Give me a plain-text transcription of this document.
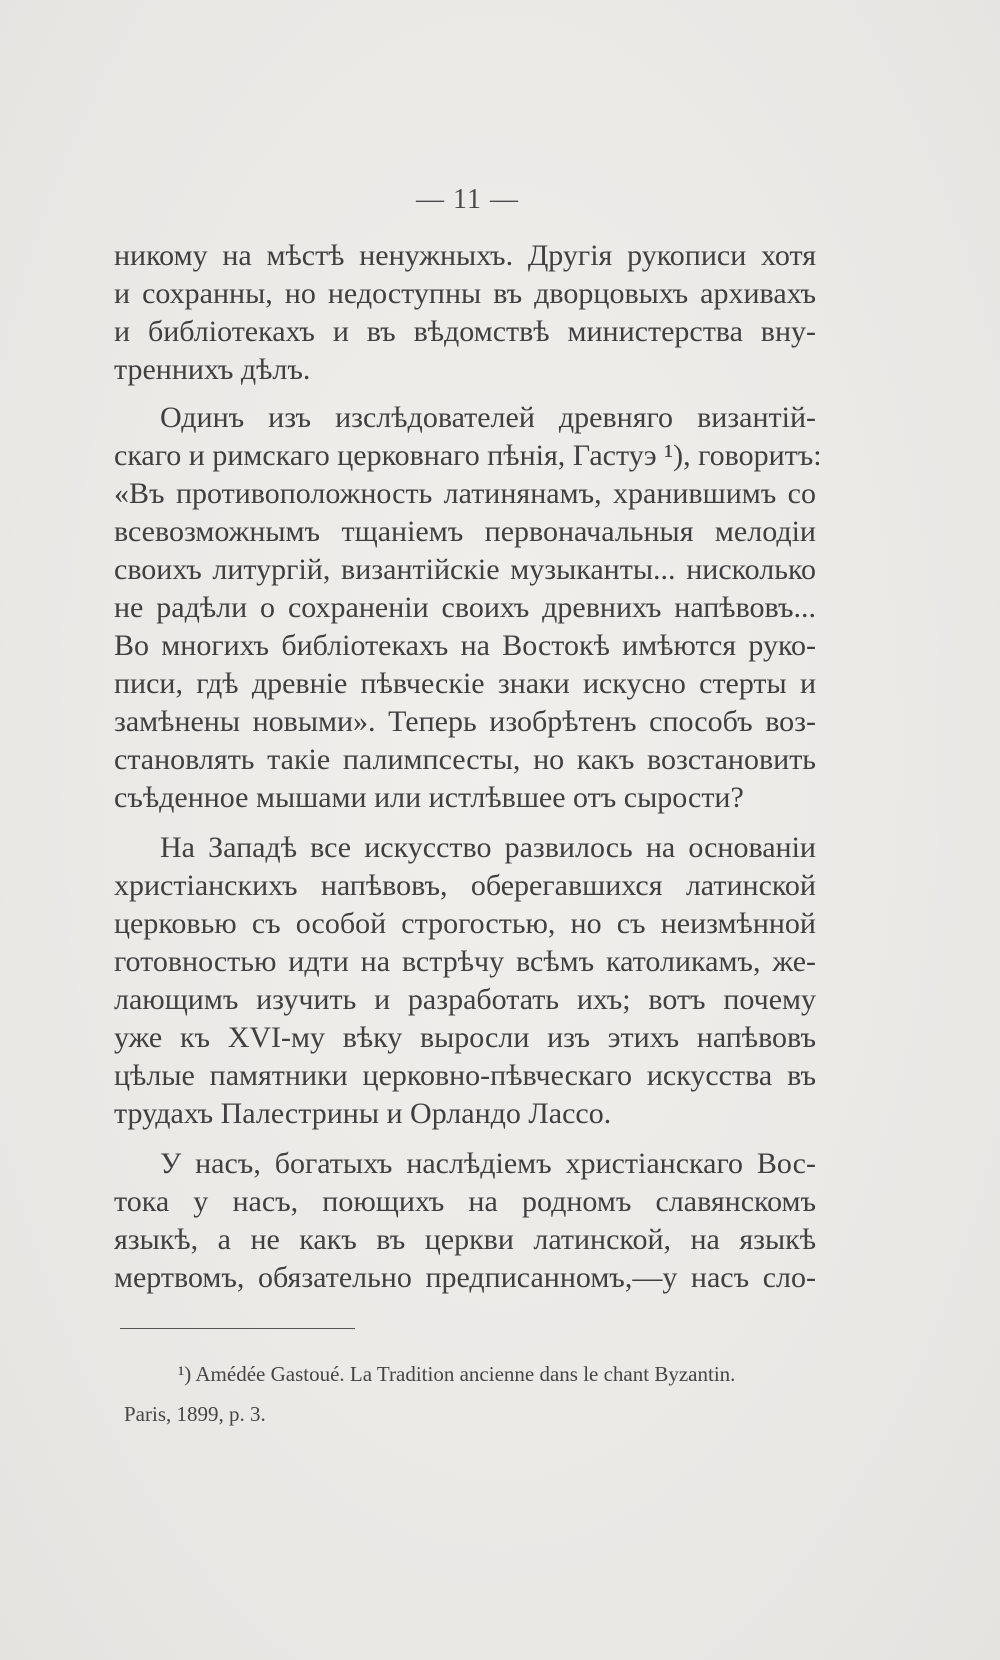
— 11 —
никому на мѣстѣ ненужныхъ. Другія рукописи хотя
и сохранны, но недоступны въ дворцовыхъ архивахъ
и библіотекахъ и въ вѣдомствѣ министерства вну-
треннихъ дѣлъ.
Одинъ изъ изслѣдователей древняго византій-
скаго и римскаго церковнаго пѣнія, Гастуэ ¹), говоритъ:
«Въ противоположность латинянамъ, хранившимъ со
всевозможнымъ тщаніемъ первоначальныя мелодіи
своихъ литургій, византійскіе музыканты... нисколько
не радѣли о сохраненіи своихъ древнихъ напѣвовъ...
Во многихъ библіотекахъ на Востокѣ имѣются руко-
писи, гдѣ древніе пѣвческіе знаки искусно стерты и
замѣнены новыми». Теперь изобрѣтенъ способъ воз-
становлять такіе палимпсесты, но какъ возстановить
съѣденное мышами или истлѣвшее отъ сырости?
На Западѣ все искусство развилось на основаніи
христіанскихъ напѣвовъ, оберегавшихся латинской
церковью съ особой строгостью, но съ неизмѣнной
готовностью идти на встрѣчу всѣмъ католикамъ, же-
лающимъ изучить и разработать ихъ; вотъ почему
уже къ XVI-му вѣку выросли изъ этихъ напѣвовъ
цѣлые памятники церковно-пѣвческаго искусства въ
трудахъ Палестрины и Орландо Лассо.
У насъ, богатыхъ наслѣдіемъ христіанскаго Вос-
тока у насъ, поющихъ на родномъ славянскомъ
языкѣ, а не какъ въ церкви латинской, на языкѣ
мертвомъ, обязательно предписанномъ,—у насъ сло-
¹) Amédée Gastoué. La Tradition ancienne dans le chant Byzantin.
Paris, 1899, p. 3.
